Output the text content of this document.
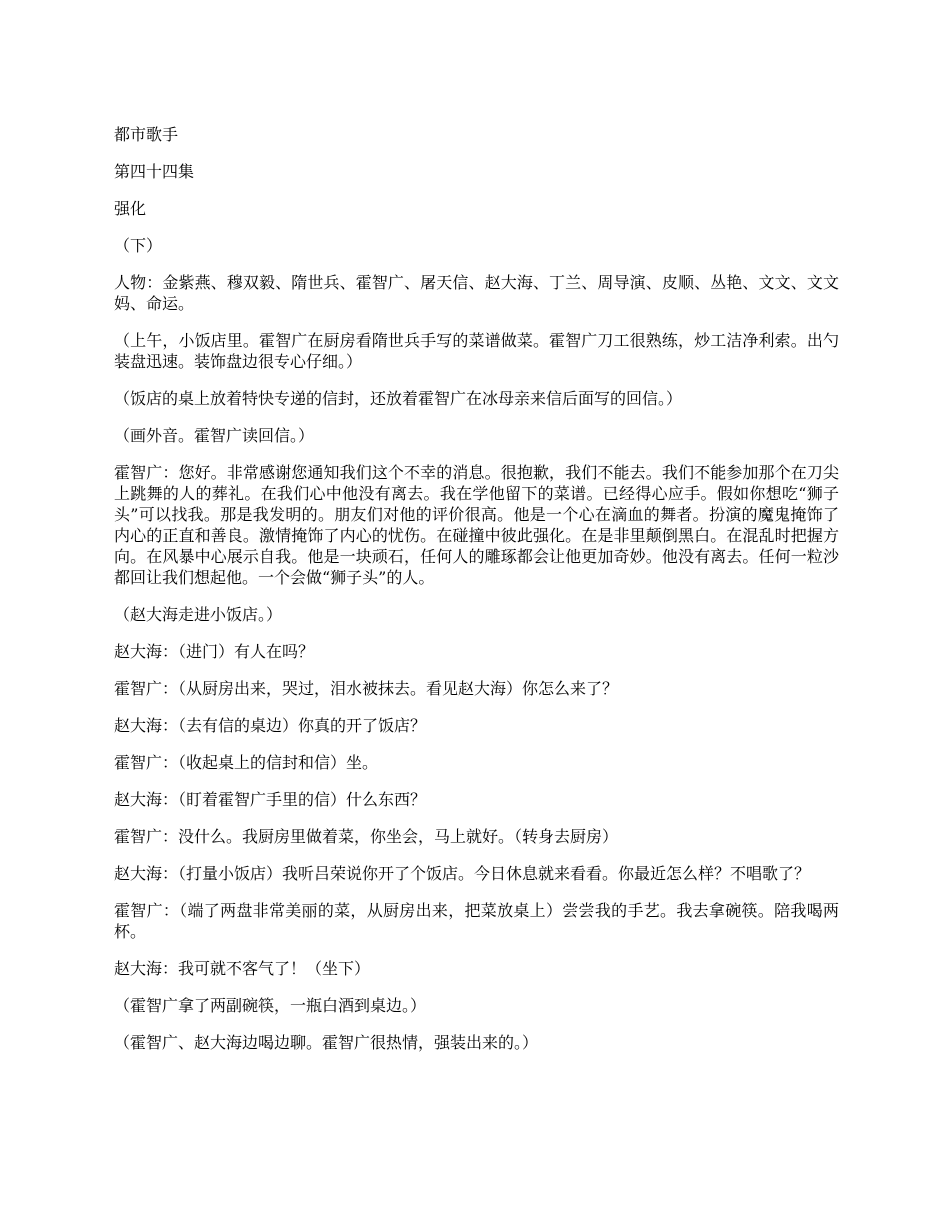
都市歌手

第四十四集

强化

（下）

人物：金紫燕、穆双毅、隋世兵、霍智广、屠天信、赵大海、丁兰、周导演、皮顺、丛艳、文文、文文妈、命运。

（上午，小饭店里。霍智广在厨房看隋世兵手写的菜谱做菜。霍智广刀工很熟练，炒工洁净利索。出勺装盘迅速。装饰盘边很专心仔细。）

（饭店的桌上放着特快专递的信封，还放着霍智广在冰母亲来信后面写的回信。）

（画外音。霍智广读回信。）

霍智广：您好。非常感谢您通知我们这个不幸的消息。很抱歉，我们不能去。我们不能参加那个在刀尖上跳舞的人的葬礼。在我们心中他没有离去。我在学他留下的菜谱。已经得心应手。假如你想吃“狮子头”可以找我。那是我发明的。朋友们对他的评价很高。他是一个心在滴血的舞者。扮演的魔鬼掩饰了内心的正直和善良。激情掩饰了内心的忧伤。在碰撞中彼此强化。在是非里颠倒黑白。在混乱时把握方向。在风暴中心展示自我。他是一块顽石，任何人的雕琢都会让他更加奇妙。他没有离去。任何一粒沙都回让我们想起他。一个会做“狮子头”的人。

（赵大海走进小饭店。）

赵大海：（进门）有人在吗？

霍智广：（从厨房出来，哭过，泪水被抹去。看见赵大海）你怎么来了？

赵大海：（去有信的桌边）你真的开了饭店？

霍智广：（收起桌上的信封和信）坐。

赵大海：（盯着霍智广手里的信）什么东西？

霍智广：没什么。我厨房里做着菜，你坐会，马上就好。（转身去厨房）

赵大海：（打量小饭店）我听吕荣说你开了个饭店。今日休息就来看看。你最近怎么样？不唱歌了？

霍智广：（端了两盘非常美丽的菜，从厨房出来，把菜放桌上）尝尝我的手艺。我去拿碗筷。陪我喝两杯。

赵大海：我可就不客气了！（坐下）

（霍智广拿了两副碗筷，一瓶白酒到桌边。）

（霍智广、赵大海边喝边聊。霍智广很热情，强装出来的。）
